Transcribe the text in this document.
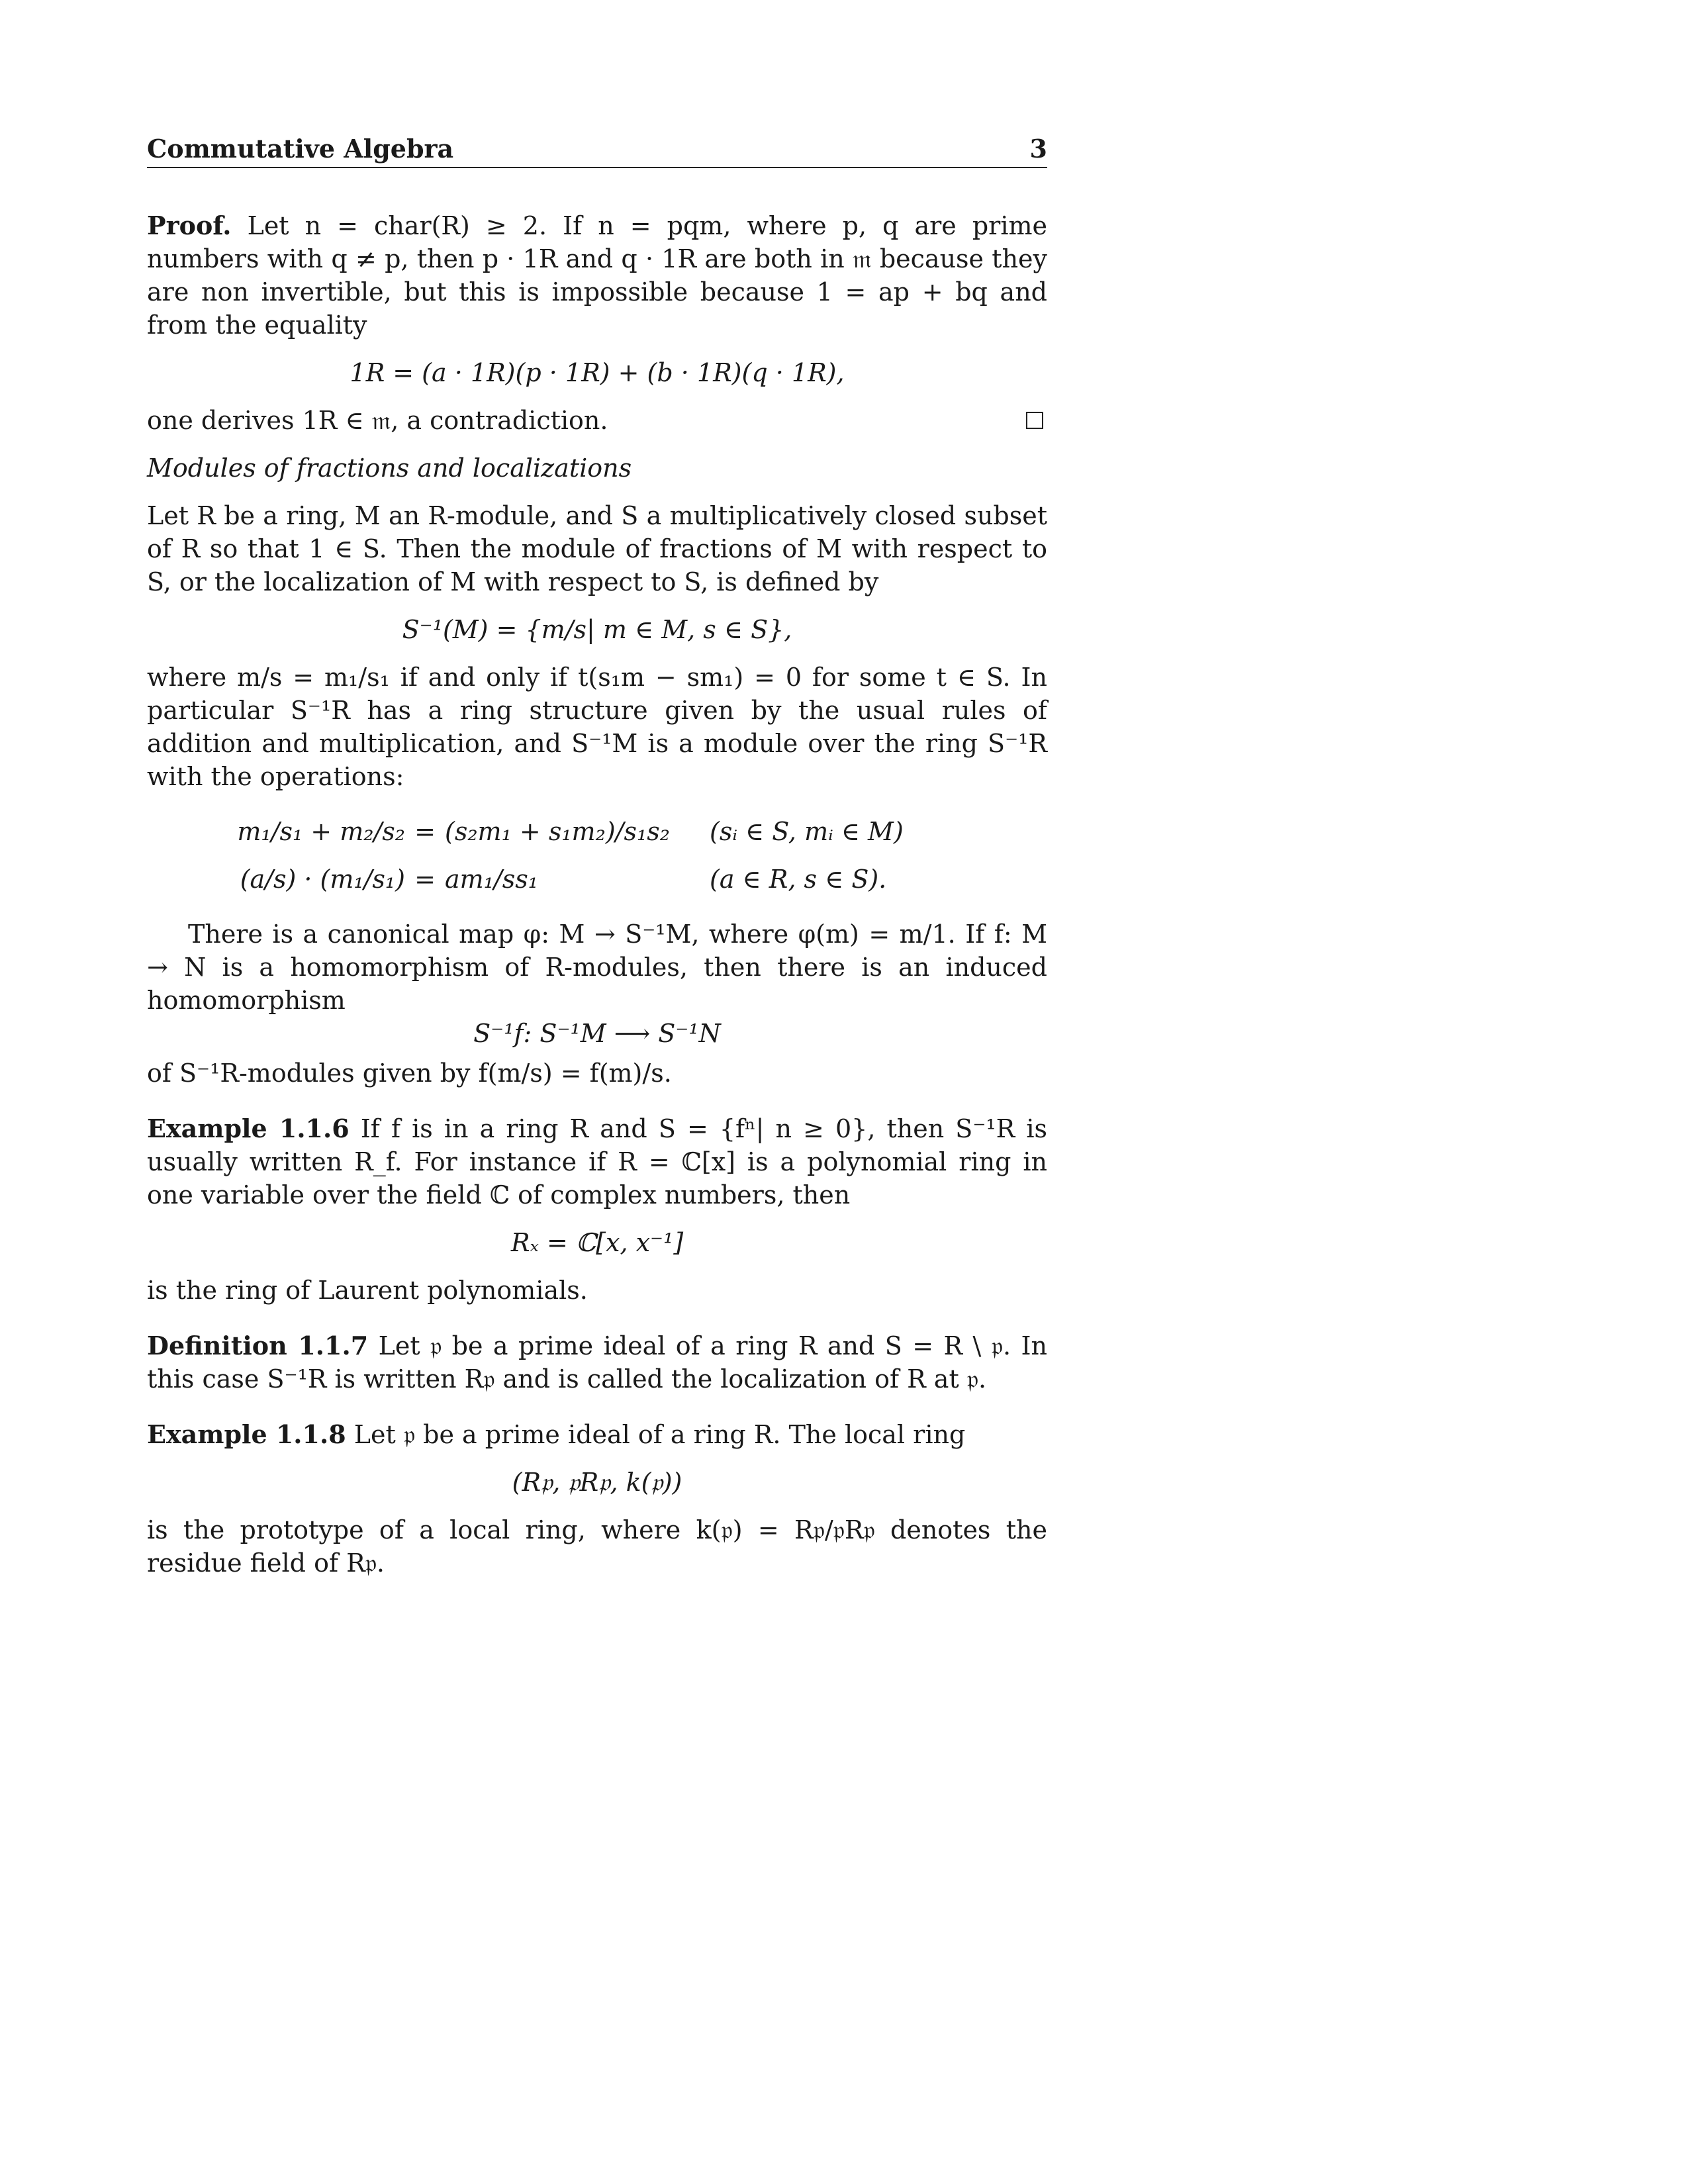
Commutative Algebra	3

Proof. Let n = char(R) ≥ 2. If n = pqm, where p, q are prime numbers with q ≠ p, then p · 1R and q · 1R are both in 𝔪 because they are non invertible, but this is impossible because 1 = ap + bq and from the equality

1R = (a · 1R)(p · 1R) + (b · 1R)(q · 1R),

one derives 1R ∈ 𝔪, a contradiction.

Modules of fractions and localizations

Let R be a ring, M an R-module, and S a multiplicatively closed subset of R so that 1 ∈ S. Then the module of fractions of M with respect to S, or the localization of M with respect to S, is defined by

S⁻¹(M) = {m/s| m ∈ M, s ∈ S},

where m/s = m₁/s₁ if and only if t(s₁m − sm₁) = 0 for some t ∈ S. In particular S⁻¹R has a ring structure given by the usual rules of addition and multiplication, and S⁻¹M is a module over the ring S⁻¹R with the operations:

m₁/s₁ + m₂/s₂ = (s₂m₁ + s₁m₂)/s₁s₂	(sᵢ ∈ S, mᵢ ∈ M)
(a/s) · (m₁/s₁) = am₁/ss₁	(a ∈ R, s ∈ S).

There is a canonical map φ: M → S⁻¹M, where φ(m) = m/1. If f: M → N is a homomorphism of R-modules, then there is an induced homomorphism

S⁻¹f: S⁻¹M ⟶ S⁻¹N

of S⁻¹R-modules given by f(m/s) = f(m)/s.

Example 1.1.6 If f is in a ring R and S = {fⁿ| n ≥ 0}, then S⁻¹R is usually written R_f. For instance if R = ℂ[x] is a polynomial ring in one variable over the field ℂ of complex numbers, then

Rₓ = ℂ[x, x⁻¹]

is the ring of Laurent polynomials.

Definition 1.1.7 Let 𝔭 be a prime ideal of a ring R and S = R \ 𝔭. In this case S⁻¹R is written R𝔭 and is called the localization of R at 𝔭.

Example 1.1.8 Let 𝔭 be a prime ideal of a ring R. The local ring

(R𝔭, 𝔭R𝔭, k(𝔭))

is the prototype of a local ring, where k(𝔭) = R𝔭/𝔭R𝔭 denotes the residue field of R𝔭.
